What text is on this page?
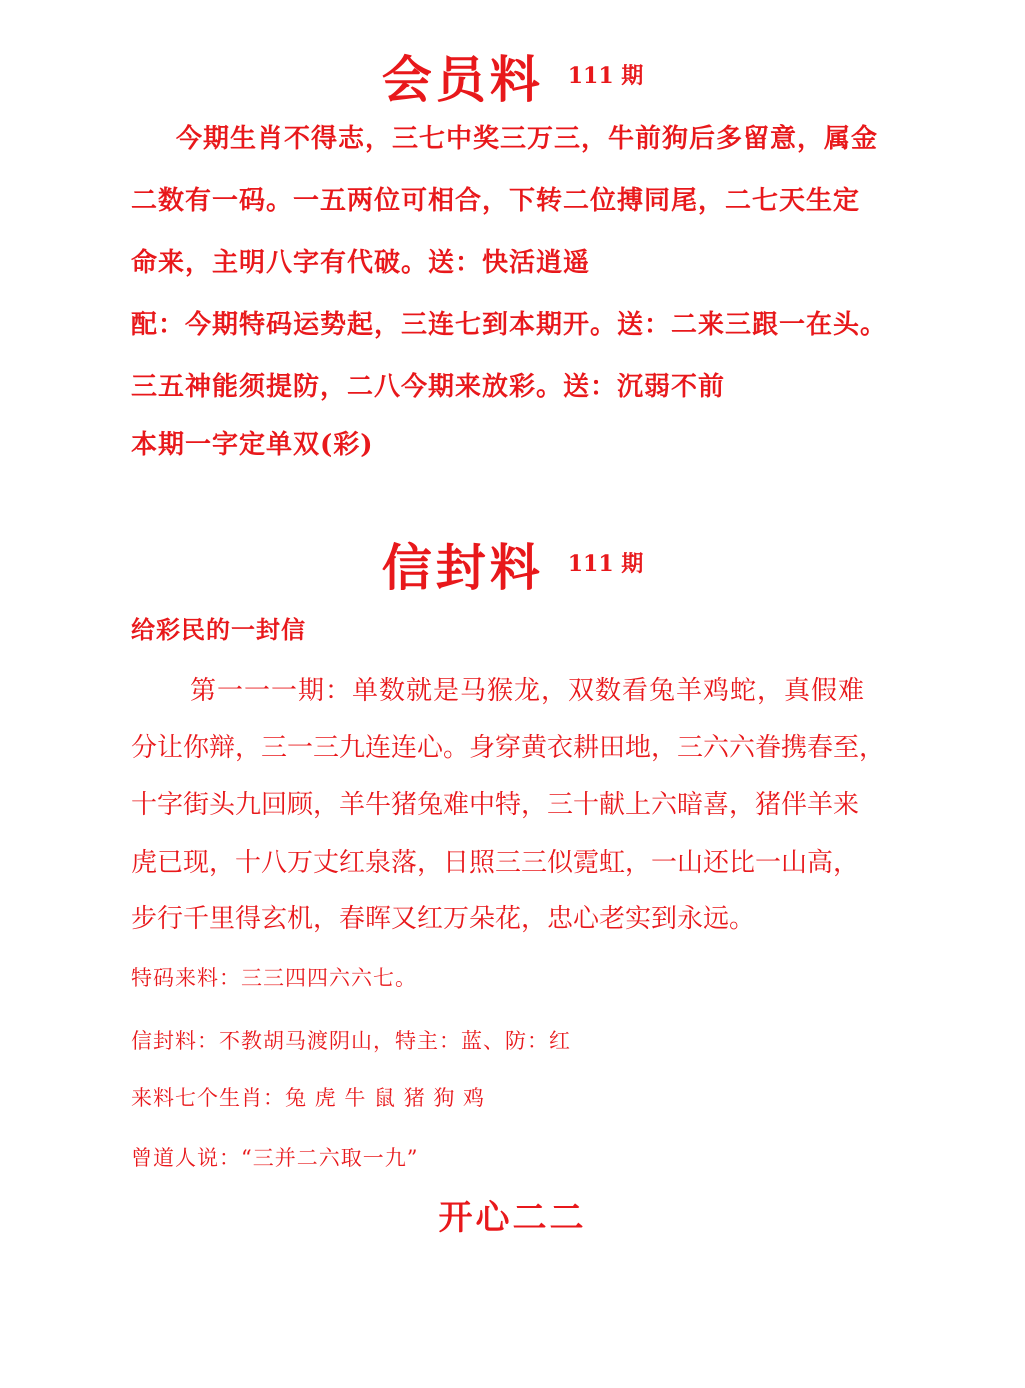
会员料 111 期
今期生肖不得志，三七中奖三万三，牛前狗后多留意，属金
二数有一码。一五两位可相合，下转二位搏同尾，二七天生定
命来，主明八字有代破。送：快活逍遥
配：今期特码运势起，三连七到本期开。送：二来三跟一在头。
三五神能须提防，二八今期来放彩。送：沉弱不前
本期一字定单双(彩)
信封料 111 期
给彩民的一封信
第一一一期：单数就是马猴龙，双数看兔羊鸡蛇，真假难
分让你辩，三一三九连连心。身穿黄衣耕田地，三六六眷携春至，
十字街头九回顾，羊牛猪兔难中特，三十献上六暗喜，猪伴羊来
虎已现，十八万丈红泉落，日照三三似霓虹，一山还比一山高，
步行千里得玄机，春晖又红万朵花，忠心老实到永远。
特码来料：三三四四六六七。
信封料：不教胡马渡阴山，特主：蓝、防：红
来料七个生肖：兔 虎 牛 鼠 猪 狗 鸡
曾道人说：“三并二六取一九”
开心二二
